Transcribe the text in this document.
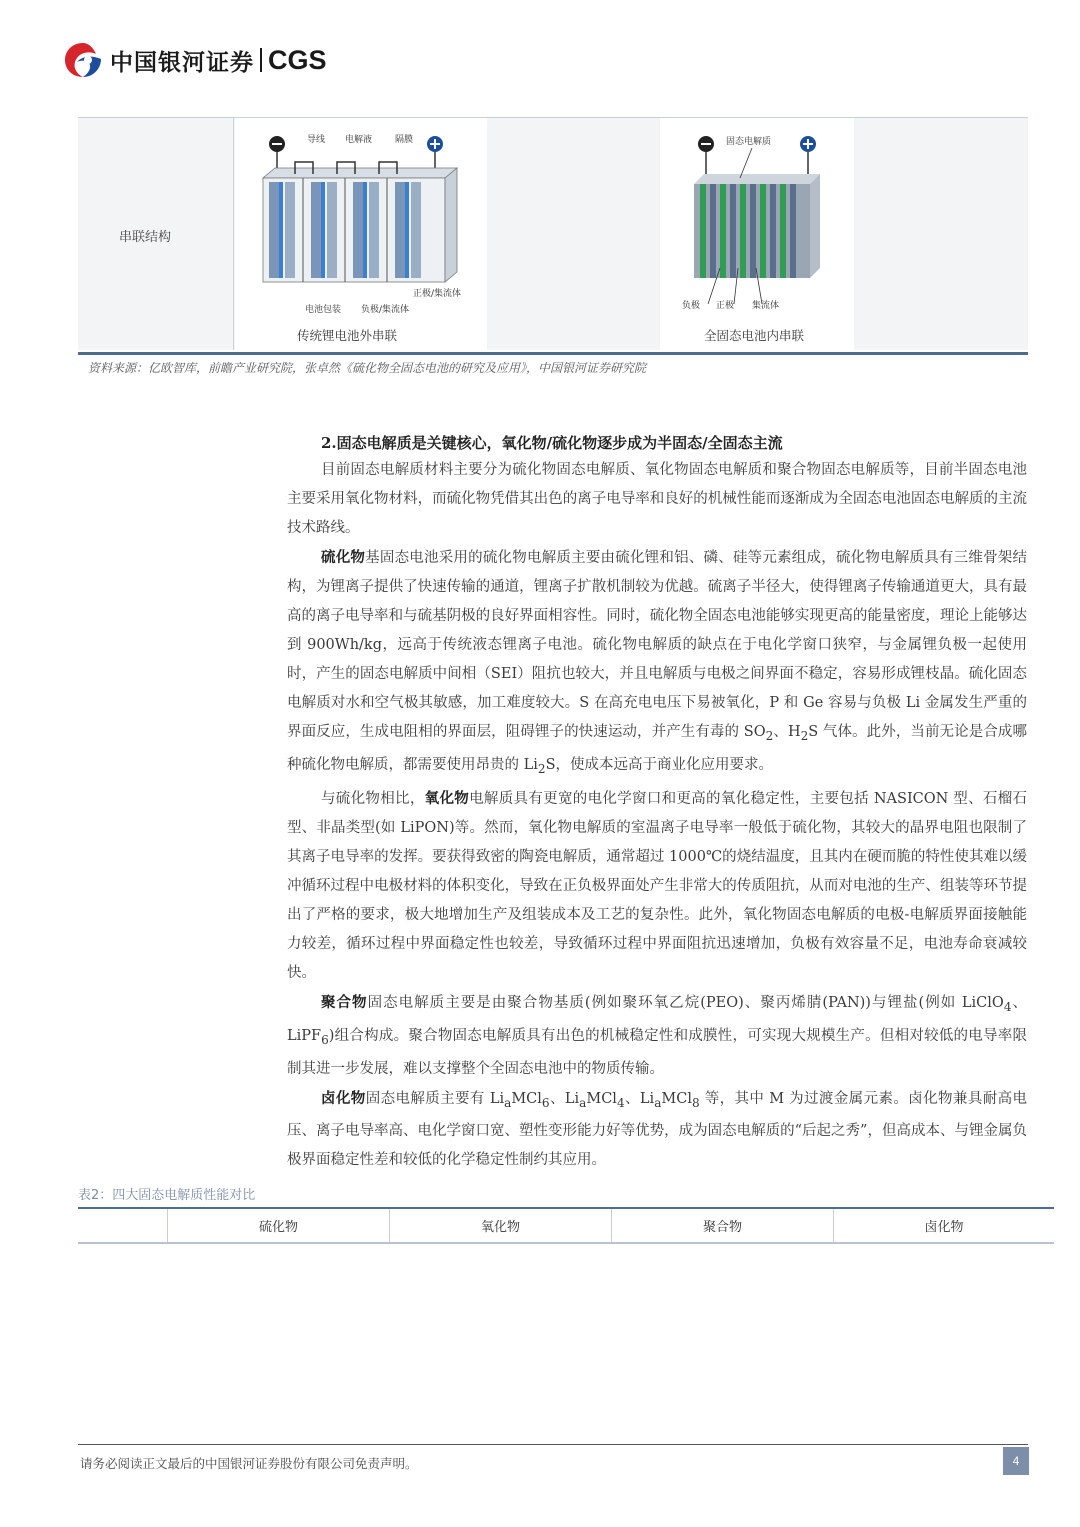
中国银河证券 CGS
串联结构
导线 电解液	隔膜
正极/集流体
电池包装 负极/集流体
传统锂电池外串联
固态电解质
负极 正极 集流体
全固态电池内串联
资料来源：亿欧智库，前瞻产业研究院，张卓然《硫化物全固态电池的研究及应用》，中国银河证券研究院
2.固态电解质是关键核心，氧化物/硫化物逐步成为半固态/全固态主流

目前固态电解质材料主要分为硫化物固态电解质、氧化物固态电解质和聚合物固态电解质等，目前半固态电池主要采用氧化物材料，而硫化物凭借其出色的离子电导率和良好的机械性能而逐渐成为全固态电池固态电解质的主流技术路线。

硫化物基固态电池采用的硫化物电解质主要由硫化锂和铝、磷、硅等元素组成，硫化物电解质具有三维骨架结构，为锂离子提供了快速传输的通道，锂离子扩散机制较为优越。硫离子半径大，使得锂离子传输通道更大，具有最高的离子电导率和与硫基阴极的良好界面相容性。同时，硫化物全固态电池能够实现更高的能量密度，理论上能够达到 900Wh/kg，远高于传统液态锂离子电池。硫化物电解质的缺点在于电化学窗口狭窄，与金属锂负极一起使用时，产生的固态电解质中间相（SEI）阻抗也较大，并且电解质与电极之间界面不稳定，容易形成锂枝晶。硫化固态电解质对水和空气极其敏感，加工难度较大。S 在高充电电压下易被氧化，P 和 Ge 容易与负极 Li 金属发生严重的界面反应，生成电阻相的界面层，阻碍锂子的快速运动，并产生有毒的 $SO_2$、$H_2S$ 气体。此外，当前无论是合成哪种硫化物电解质，都需要使用昂贵的 $Li_2S$，使成本远高于商业化应用要求。

与硫化物相比，氧化物电解质具有更宽的电化学窗口和更高的氧化稳定性，主要包括 NASICON 型、石榴石型、非晶类型(如 LiPON)等。然而，氧化物电解质的室温离子电导率一般低于硫化物，其较大的晶界电阻也限制了其离子电导率的发挥。要获得致密的陶瓷电解质，通常超过 1000℃的烧结温度，且其内在硬而脆的特性使其难以缓冲循环过程中电极材料的体积变化，导致在正负极界面处产生非常大的传质阻抗，从而对电池的生产、组装等环节提出了严格的要求，极大地增加生产及组装成本及工艺的复杂性。此外，氧化物固态电解质的电极-电解质界面接触能力较差，循环过程中界面稳定性也较差，导致循环过程中界面阻抗迅速增加，负极有效容量不足，电池寿命衰减较快。

聚合物固态电解质主要是由聚合物基质(例如聚环氧乙烷(PEO)、聚丙烯腈(PAN))与锂盐(例如 LiClO$_4$、LiPF$_6$)组合构成。聚合物固态电解质具有出色的机械稳定性和成膜性，可实现大规模生产。但相对较低的电导率限制其进一步发展，难以支撑整个全固态电池中的物质传输。

卤化物固态电解质主要有 $Li_aMCl_6$、$Li_aMCl_4$、$Li_aMCl_8$ 等，其中 M 为过渡金属元素。卤化物兼具耐高电压、离子电导率高、电化学窗口宽、塑性变形能力好等优势，成为固态电解质的“后起之秀”，但高成本、与锂金属负极界面稳定性差和较低的化学稳定性制约其应用。

表2：四大固态电解质性能对比
硫化物	氧化物	聚合物	卤化物
请务必阅读正文最后的中国银河证券股份有限公司免责声明。	4
